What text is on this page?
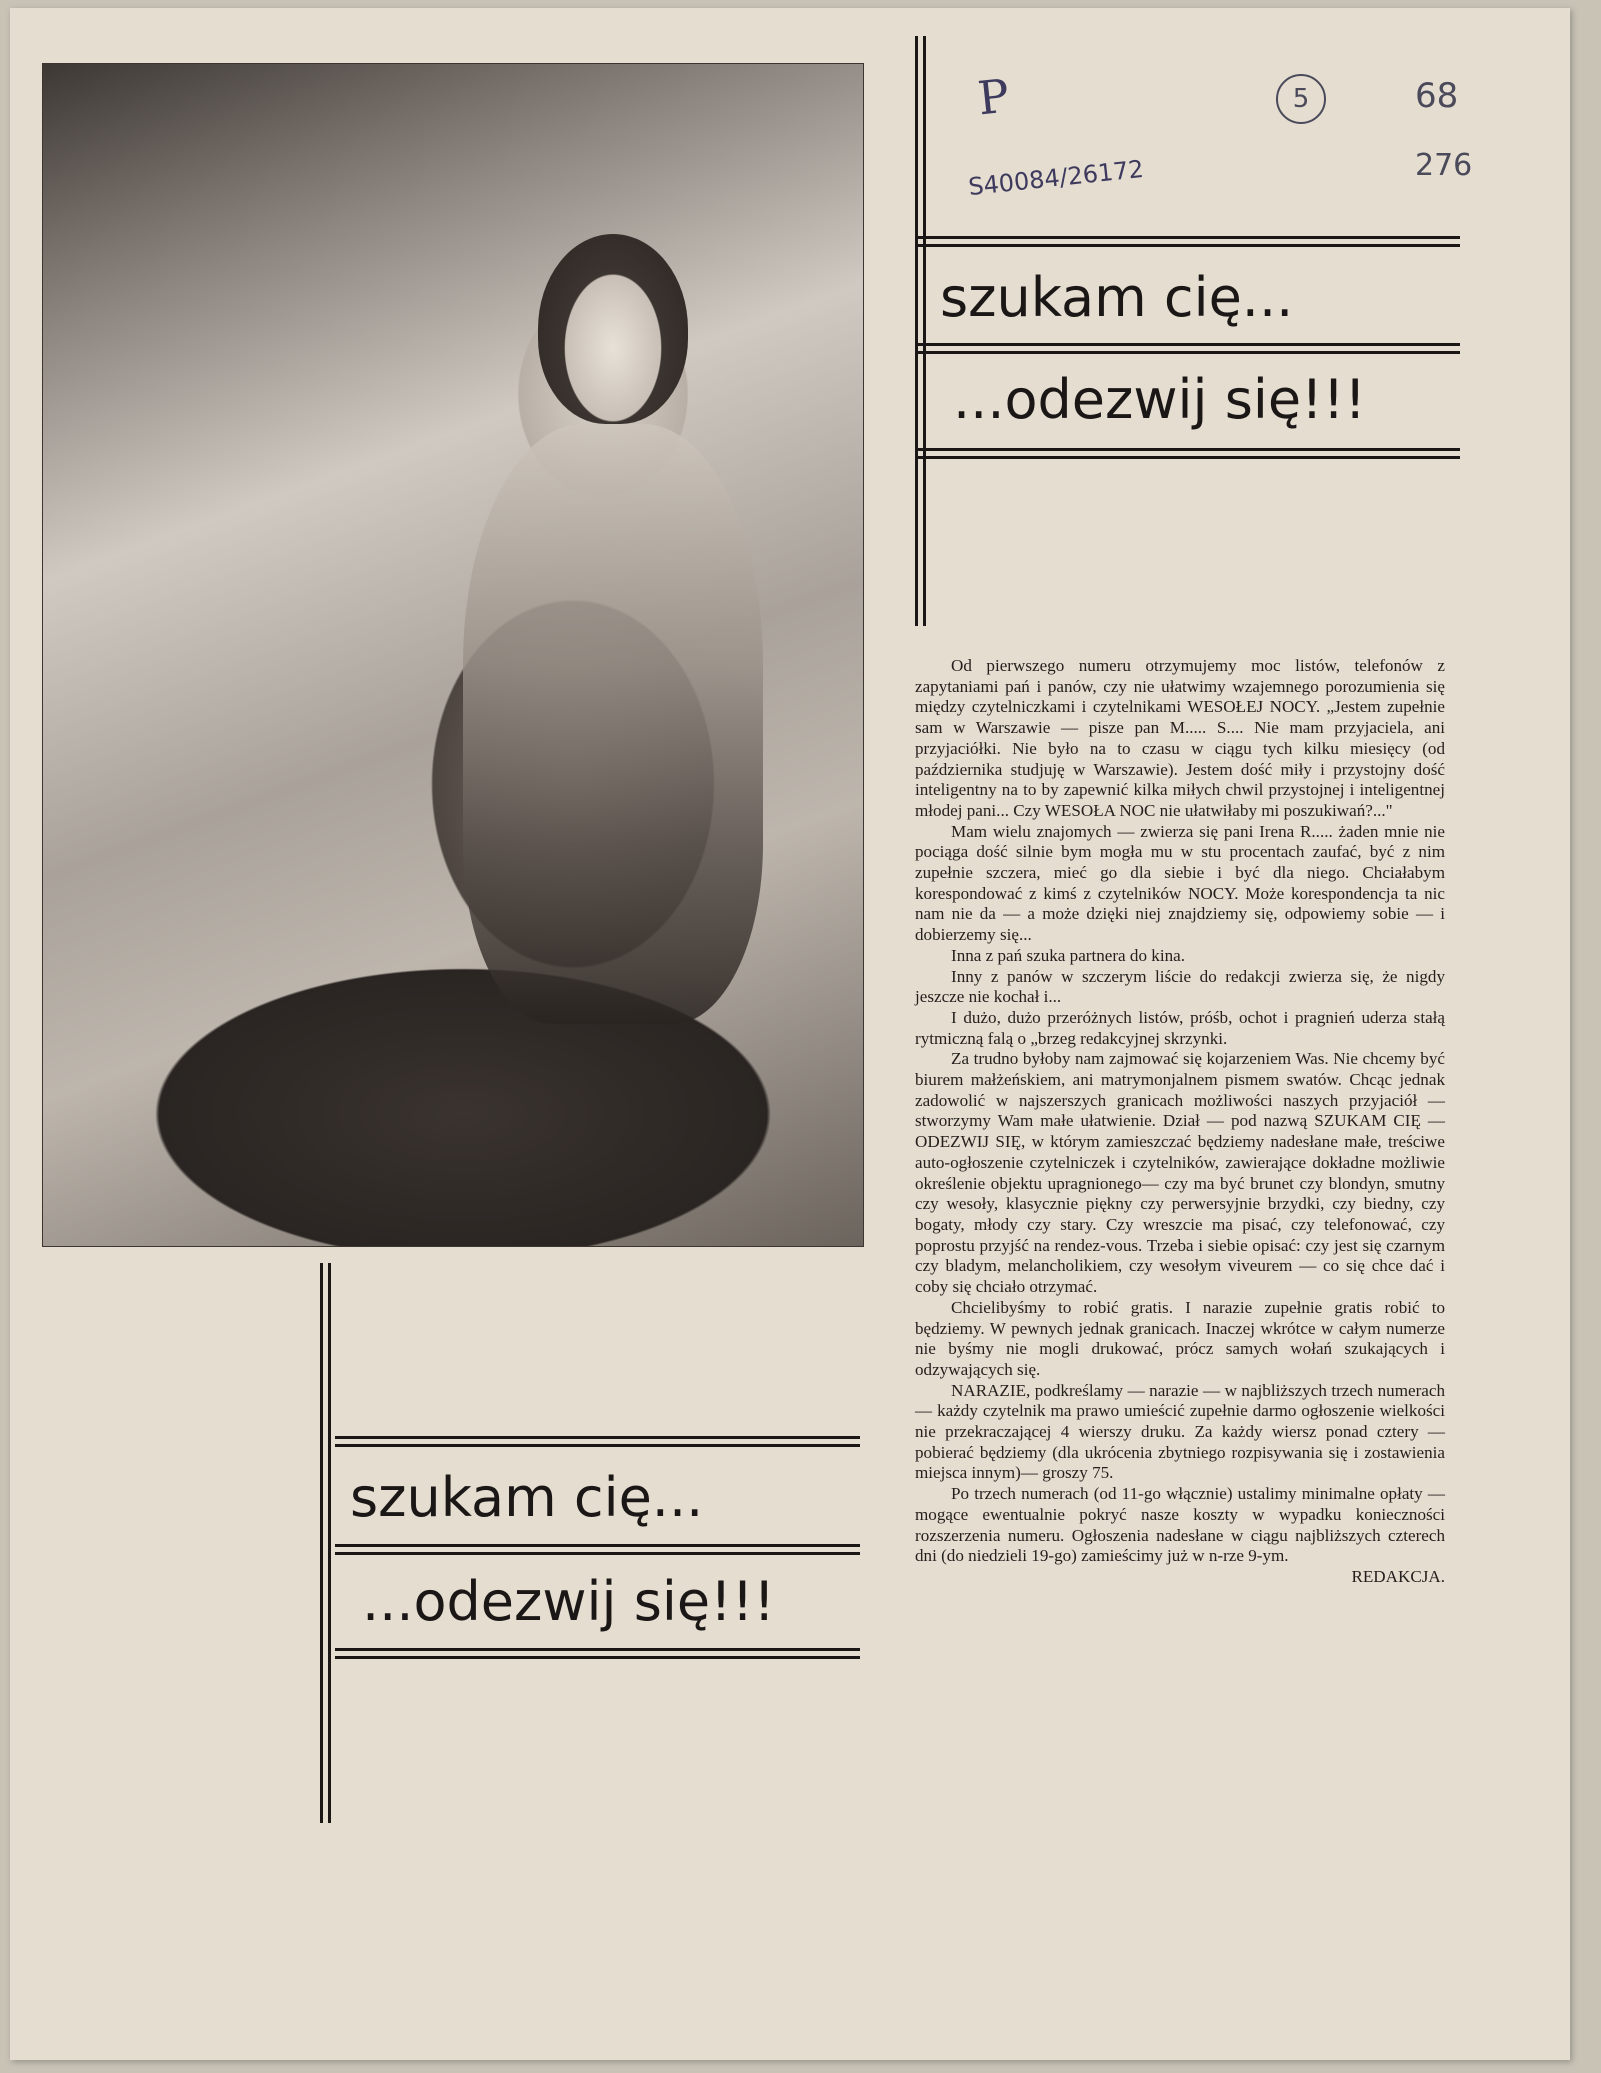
P
S40084/26172
5	68
276
szukam cię...
...odezwij się!!!
szukam cię...
...odezwij się!!!

Od pierwszego numeru otrzymujemy moc listów, telefonów z zapytaniami pań i panów, czy nie ułatwimy wzajemnego porozumienia się między czytelniczkami i czytelnikami WESOŁEJ NOCY. „Jestem zupełnie sam w Warszawie — pisze pan M..... S.... Nie mam przyjaciela, ani przyjaciółki. Nie było na to czasu w ciągu tych kilku miesięcy (od października studjuję w Warszawie). Jestem dość miły i przystojny dość inteligentny na to by zapewnić kilka miłych chwil przystojnej i inteligentnej młodej pani... Czy WESOŁA NOC nie ułatwiłaby mi poszukiwań?..."

Mam wielu znajomych — zwierza się pani Irena R..... żaden mnie nie pociąga dość silnie bym mogła mu w stu procentach zaufać, być z nim zupełnie szczera, mieć go dla siebie i być dla niego. Chciałabym korespondować z kimś z czytelników NOCY. Może korespondencja ta nic nam nie da — a może dzięki niej znajdziemy się, odpowiemy sobie — i dobierzemy się...

Inna z pań szuka partnera do kina.

Inny z panów w szczerym liście do redakcji zwierza się, że nigdy jeszcze nie kochał i...

I dużo, dużo przeróżnych listów, próśb, ochot i pragnień uderza stałą rytmiczną falą o „brzeg redakcyjnej skrzynki.

Za trudno byłoby nam zajmować się kojarzeniem Was. Nie chcemy być biurem małżeńskiem, ani matrymonjalnem pismem swatów. Chcąc jednak zadowolić w najszerszych granicach możliwości naszych przyjaciół — stworzymy Wam małe ułatwienie. Dział — pod nazwą SZUKAM CIĘ — ODEZWIJ SIĘ, w którym zamieszczać będziemy nadesłane małe, treściwe auto-ogłoszenie czytelniczek i czytelników, zawierające dokładne możliwie określenie objektu upragnionego— czy ma być brunet czy blondyn, smutny czy wesoły, klasycznie piękny czy perwersyjnie brzydki, czy biedny, czy bogaty, młody czy stary. Czy wreszcie ma pisać, czy telefonować, czy poprostu przyjść na rendez-vous. Trzeba i siebie opisać: czy jest się czarnym czy bladym, melancholikiem, czy wesołym viveurem — co się chce dać i coby się chciało otrzymać.

Chcielibyśmy to robić gratis. I narazie zupełnie gratis robić to będziemy. W pewnych jednak granicach. Inaczej wkrótce w całym numerze nie byśmy nie mogli drukować, prócz samych wołań szukających i odzywających się.

NARAZIE, podkreślamy — narazie — w najbliższych trzech numerach — każdy czytelnik ma prawo umieścić zupełnie darmo ogłoszenie wielkości nie przekraczającej 4 wierszy druku. Za każdy wiersz ponad cztery — pobierać będziemy (dla ukrócenia zbytniego rozpisywania się i zostawienia miejsca innym)— groszy 75.

Po trzech numerach (od 11-go włącznie) ustalimy minimalne opłaty — mogące ewentualnie pokryć nasze koszty w wypadku konieczności rozszerzenia numeru. Ogłoszenia nadesłane w ciągu najbliższych czterech dni (do niedzieli 19-go) zamieścimy już w n-rze 9-ym.

REDAKCJA.
